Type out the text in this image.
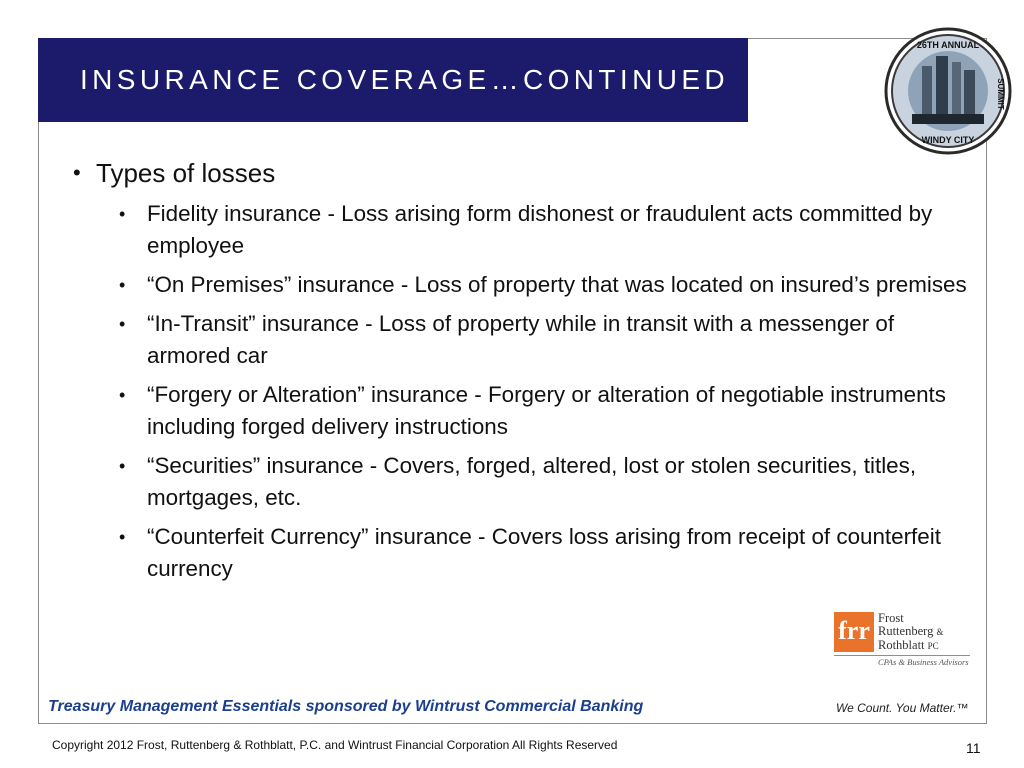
INSURANCE COVERAGE…CONTINUED
26TH ANNUAL
WINDY CITY
SUMMIT
• Types of losses
• Fidelity insurance - Loss arising form dishonest or fraudulent acts committed by employee
• “On Premises” insurance - Loss of property that was located on insured’s premises
• “In-Transit” insurance - Loss of property while in transit with a messenger of armored car
• “Forgery or Alteration” insurance - Forgery or alteration of negotiable instruments including forged delivery instructions
• “Securities” insurance - Covers, forged, altered, lost or stolen securities, titles, mortgages, etc.
• “Counterfeit Currency” insurance - Covers loss arising from receipt of counterfeit currency
frr Frost
Ruttenberg &
Rothblatt PC
CPAs & Business Advisors
Treasury Management Essentials sponsored by Wintrust Commercial Banking	We Count. You Matter.™
Copyright 2012 Frost, Ruttenberg & Rothblatt, P.C. and Wintrust Financial Corporation All Rights Reserved	11
